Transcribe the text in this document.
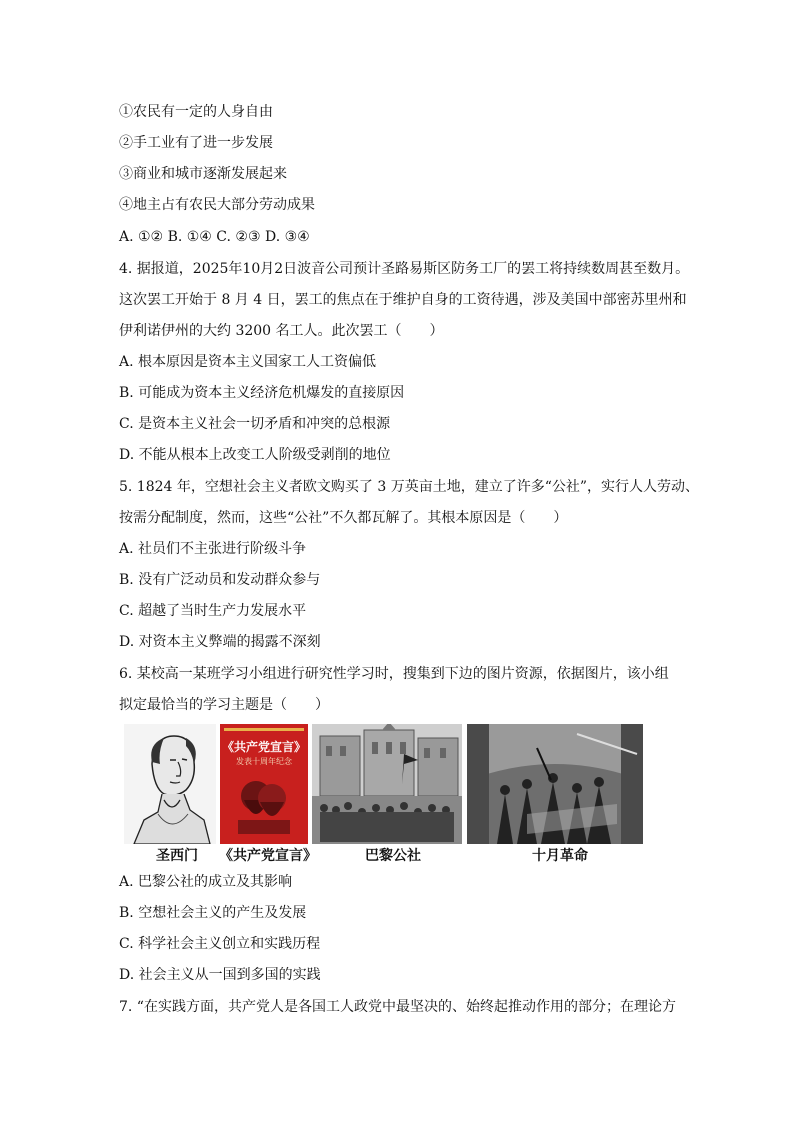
①农民有一定的人身自由
②手工业有了进一步发展
③商业和城市逐渐发展起来
④地主占有农民大部分劳动成果
A. ①② B. ①④ C. ②③ D. ③④
4. 据报道，2025年10月2日波音公司预计圣路易斯区防务工厂的罢工将持续数周甚至数月。
这次罢工开始于 8 月 4 日，罢工的焦点在于维护自身的工资待遇，涉及美国中部密苏里州和
伊利诺伊州的大约 3200 名工人。此次罢工（　　）
A. 根本原因是资本主义国家工人工资偏低
B. 可能成为资本主义经济危机爆发的直接原因
C. 是资本主义社会一切矛盾和冲突的总根源
D. 不能从根本上改变工人阶级受剥削的地位
5. 1824 年，空想社会主义者欧文购买了 3 万英亩土地，建立了许多“公社”，实行人人劳动、
按需分配制度，然而，这些“公社”不久都瓦解了。其根本原因是（　　）
A. 社员们不主张进行阶级斗争
B. 没有广泛动员和发动群众参与
C. 超越了当时生产力发展水平
D. 对资本主义弊端的揭露不深刻
6. 某校高一某班学习小组进行研究性学习时，搜集到下边的图片资源，依据图片，该小组
拟定最恰当的学习主题是（　　）
《共产党宣言》
发表十周年纪念
圣西门 《共产党宣言》	巴黎公社	十月革命
A. 巴黎公社的成立及其影响
B. 空想社会主义的产生及发展
C. 科学社会主义创立和实践历程
D. 社会主义从一国到多国的实践
7. “在实践方面，共产党人是各国工人政党中最坚决的、始终起推动作用的部分；在理论方
